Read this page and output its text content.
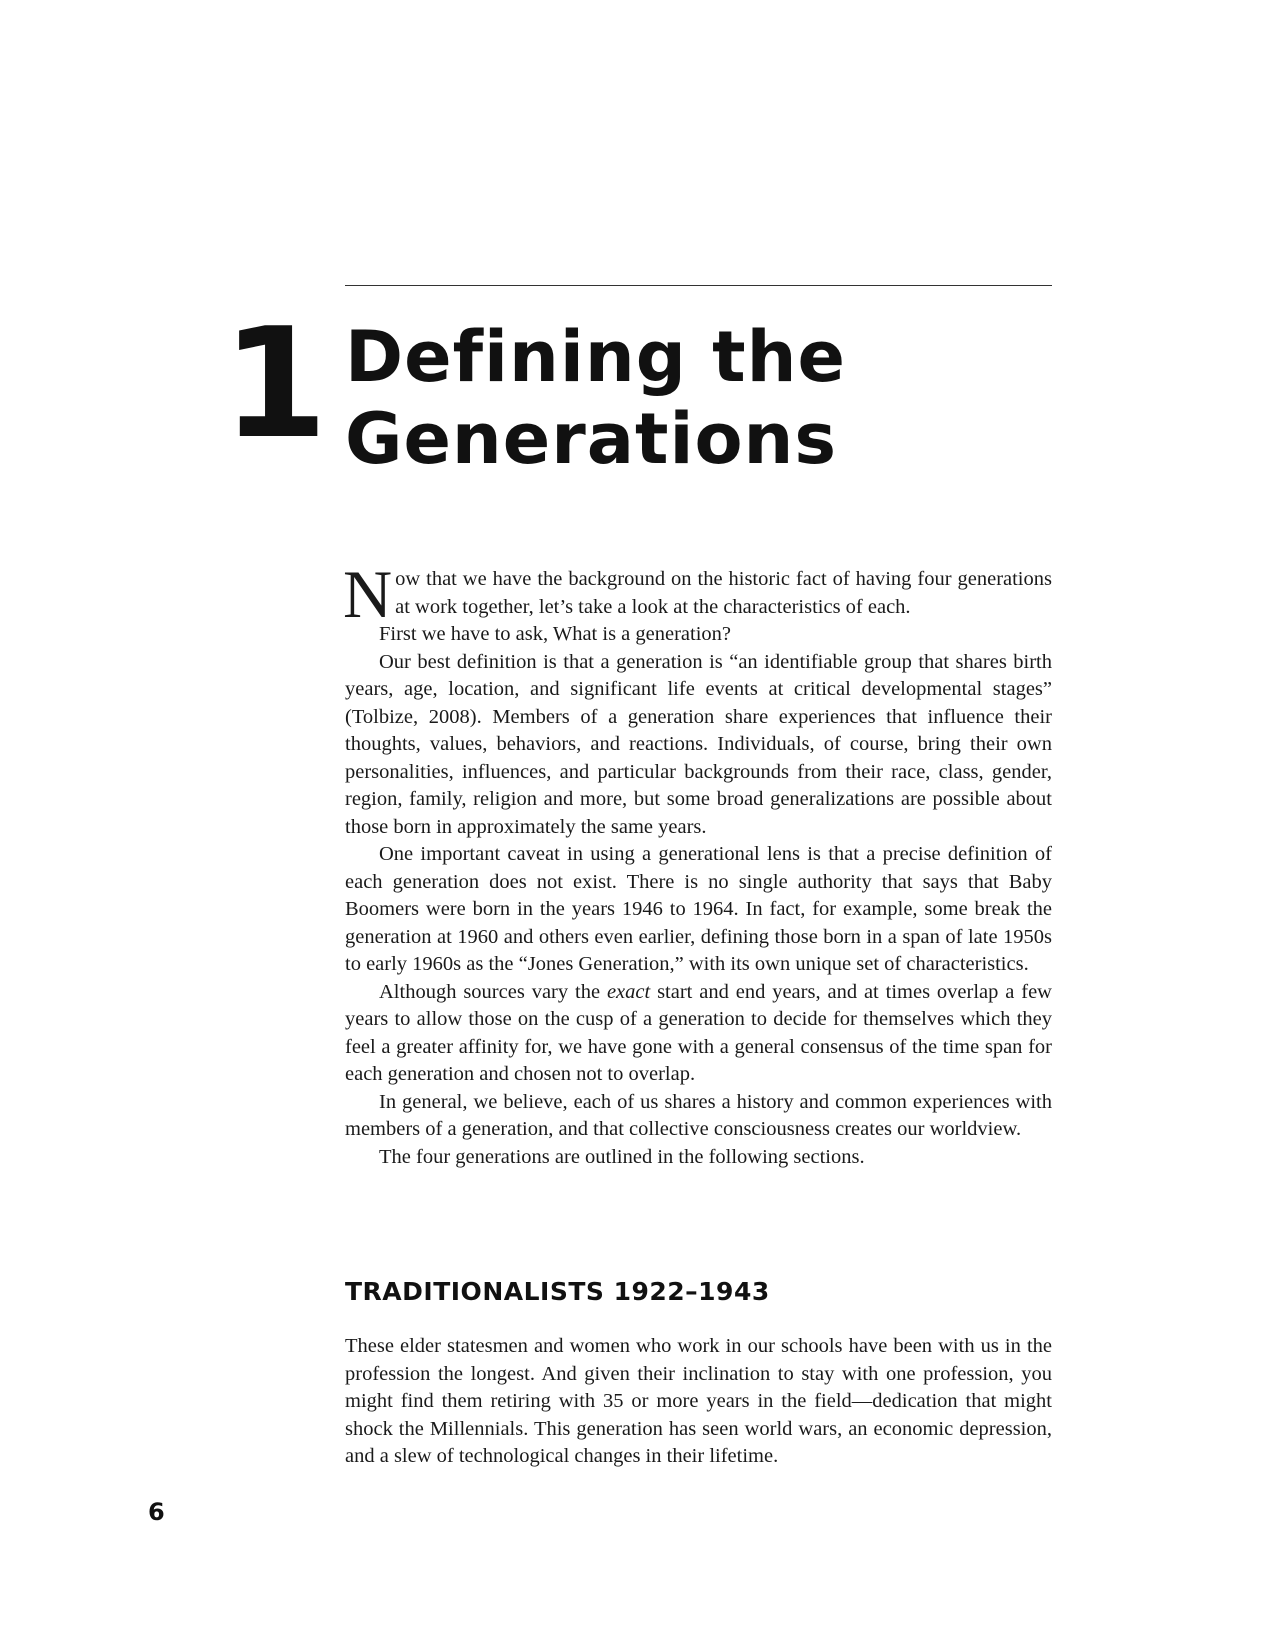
1 Defining the
Generations

Now that we have the background on the historic fact of having four generations at work together, let’s take a look at the characteristics of each.

First we have to ask, What is a generation?

Our best definition is that a generation is “an identifiable group that shares birth years, age, location, and significant life events at critical developmental stages” (Tolbize, 2008). Members of a generation share experiences that influence their thoughts, values, behaviors, and reactions. Individuals, of course, bring their own personalities, influences, and particular backgrounds from their race, class, gender, region, family, religion and more, but some broad generalizations are possible about those born in approximately the same years.

One important caveat in using a generational lens is that a precise definition of each generation does not exist. There is no single authority that says that Baby Boomers were born in the years 1946 to 1964. In fact, for example, some break the generation at 1960 and others even earlier, defining those born in a span of late 1950s to early 1960s as the “Jones Generation,” with its own unique set of characteristics.

Although sources vary the exact start and end years, and at times overlap a few years to allow those on the cusp of a generation to decide for themselves which they feel a greater affinity for, we have gone with a general consensus of the time span for each generation and chosen not to overlap.

In general, we believe, each of us shares a history and common experiences with members of a generation, and that collective consciousness creates our worldview.

The four generations are outlined in the following sections.

TRADITIONALISTS 1922–1943

These elder statesmen and women who work in our schools have been with us in the profession the longest. And given their inclination to stay with one profession, you might find them retiring with 35 or more years in the field—dedication that might shock the Millennials. This generation has seen world wars, an economic depression, and a slew of technological changes in their lifetime.

6
